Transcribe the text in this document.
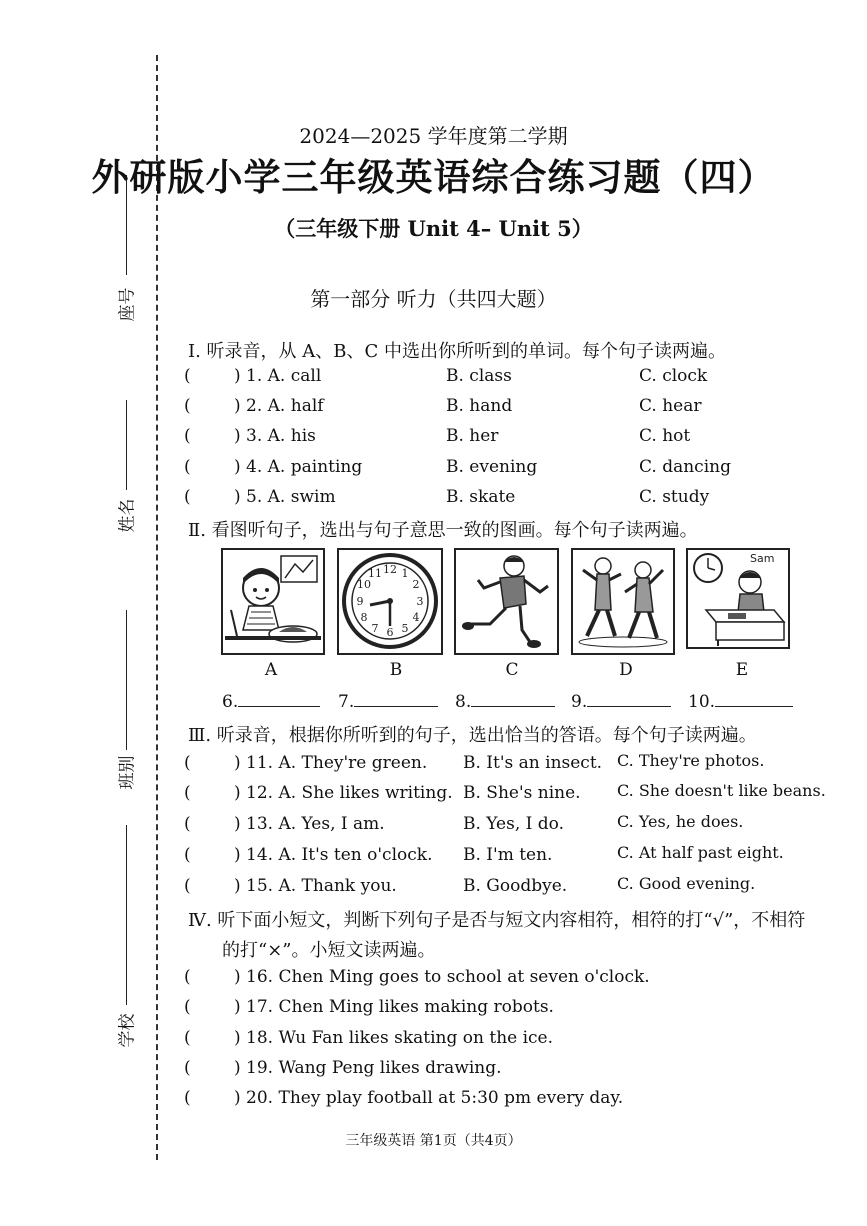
座号
姓名
班别
学校
2024—2025 学年度第二学期
外研版小学三年级英语综合练习题（四）
（三年级下册 Unit 4– Unit 5）
第一部分 听力（共四大题）
Ⅰ. 听录音，从 A、B、C 中选出你所听到的单词。每个句子读两遍。
(	) 1. A. call	B. class	C. clock
(	) 2. A. half	B. hand	C. hear
(	) 3. A. his	B. her	C. hot
(	) 4. A. painting	B. evening	C. dancing
(	) 5. A. swim	B. skate	C. study
Ⅱ. 看图听句子，选出与句子意思一致的图画。每个句子读两遍。
A
12 1
2
3
4
5
6
7
8
9
10
11
B	C	D
Sam
E
6.	7.	8.	9.	10.
Ⅲ. 听录音，根据你所听到的句子，选出恰当的答语。每个句子读两遍。
(	) 11. A. They're green. B. It's an insect. C. They're photos.
(	) 12. A. She likes writing. B. She's nine. C. She doesn't like beans.
(	) 13. A. Yes, I am.	B. Yes, I do.	C. Yes, he does.
(	) 14. A. It's ten o'clock. B. I'm ten.	C. At half past eight.
(	) 15. A. Thank you.	B. Goodbye.	C. Good evening.
Ⅳ. 听下面小短文，判断下列句子是否与短文内容相符，相符的打“√”，不相符
的打“×”。小短文读两遍。
(	) 16. Chen Ming goes to school at seven o'clock.
(	) 17. Chen Ming likes making robots.
(	) 18. Wu Fan likes skating on the ice.
(	) 19. Wang Peng likes drawing.
(	) 20. They play football at 5:30 pm every day.
三年级英语 第1页（共4页）
